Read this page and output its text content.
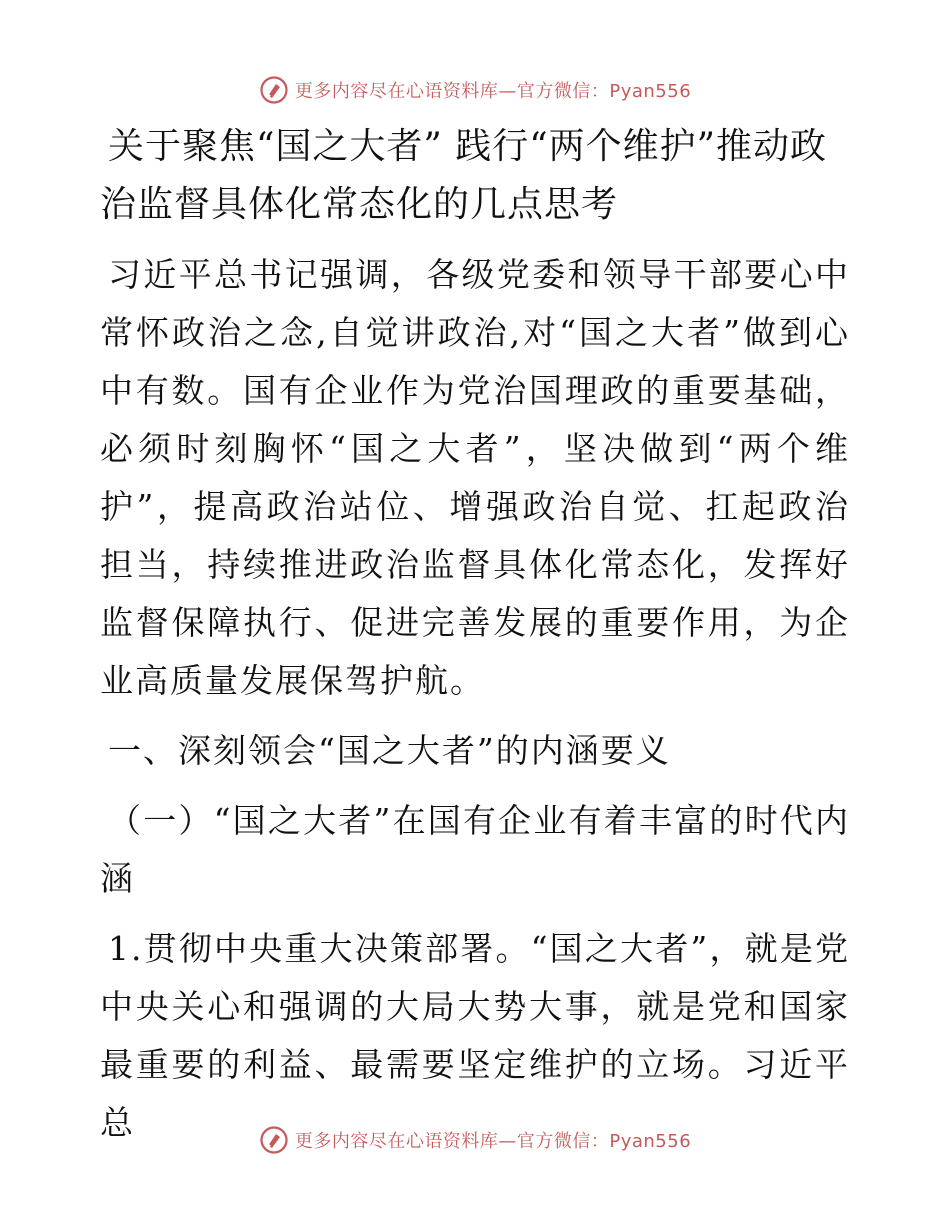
更多内容尽在心语资料库—官方微信：Pyan556
关于聚焦“国之大者” 践行“两个维护”推动政治监督具体化常态化的几点思考

习近平总书记强调，各级党委和领导干部要心中常怀政治之念,自觉讲政治,对“国之大者”做到心中有数。国有企业作为党治国理政的重要基础，必须时刻胸怀“国之大者”，坚决做到“两个维护”，提高政治站位、增强政治自觉、扛起政治担当，持续推进政治监督具体化常态化，发挥好监督保障执行、促进完善发展的重要作用，为企业高质量发展保驾护航。

一、深刻领会“国之大者”的内涵要义

（一）“国之大者”在国有企业有着丰富的时代内涵

1.贯彻中央重大决策部署。“国之大者”，就是党中央关心和强调的大局大势大事，就是党和国家最重要的利益、最需要坚定维护的立场。习近平总	更多内容尽在心语资料库—官方微信：Pyan556
